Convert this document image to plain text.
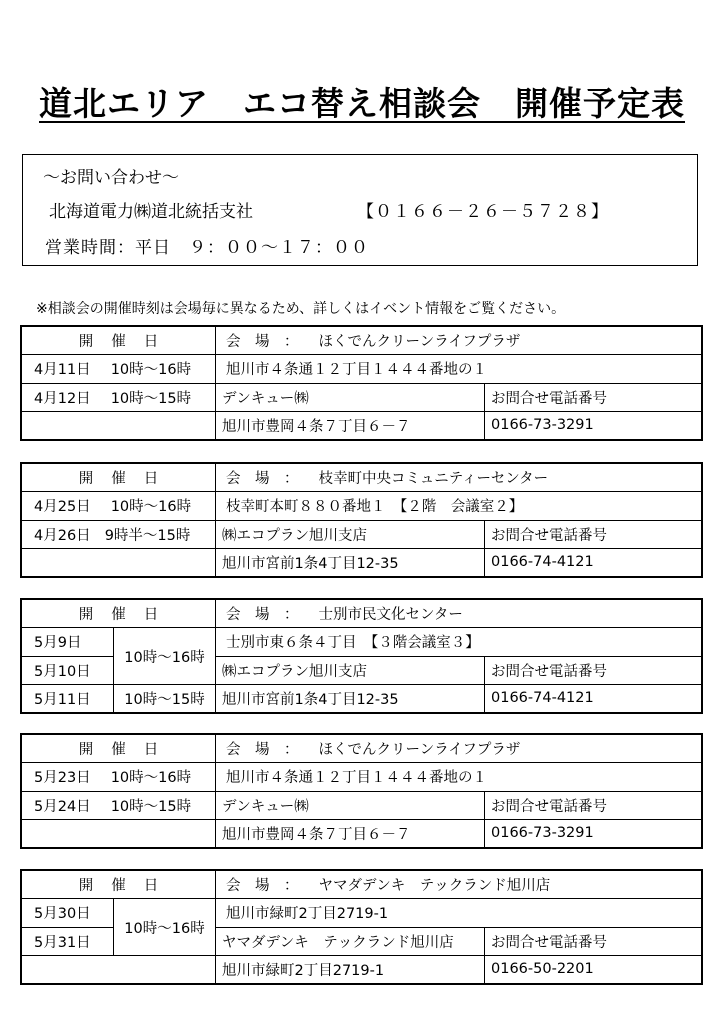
道北エリア　エコ替え相談会　開催予定表
～お問い合わせ～
北海道電力㈱道北統括支社	【０１６６－２６－５７２８】
営業時間：平日　９：００～１７：００
※相談会の開催時刻は会場毎に異なるため、詳しくはイベント情報をご覧ください。
開催日	会　場　： ほくでんクリーンライフプラザ	
4月11日 10時～16時	旭川市４条通１２丁目１４４４番地の１	
4月12日 10時～15時	デンキュー㈱	お問合せ電話番号
	旭川市豊岡４条７丁目６－７	0166-73-3291
開催日	会　場　： 枝幸町中央コミュニティーセンター	
4月25日 10時～16時	枝幸町本町８８０番地１　【２階　会議室２】	
4月26日 9時半～15時	㈱エコプラン旭川支店	お問合せ電話番号
	旭川市宮前1条4丁目12-35	0166-74-4121
開催日		会　場　： 士別市民文化センター	
5月9日	10時～16時	士別市東６条４丁目　【３階会議室３】	
5月10日		㈱エコプラン旭川支店	お問合せ電話番号
5月11日	10時～15時	旭川市宮前1条4丁目12-35	0166-74-4121
開催日	会　場　： ほくでんクリーンライフプラザ	
5月23日 10時～16時	旭川市４条通１２丁目１４４４番地の１	
5月24日 10時～15時	デンキュー㈱	お問合せ電話番号
	旭川市豊岡４条７丁目６－７	0166-73-3291
開催日		会　場　： ヤマダデンキ　テックランド旭川店	
5月30日	10時～16時	旭川市緑町2丁目2719-1	
5月31日		ヤマダデンキ　テックランド旭川店	お問合せ電話番号
		旭川市緑町2丁目2719-1	0166-50-2201
